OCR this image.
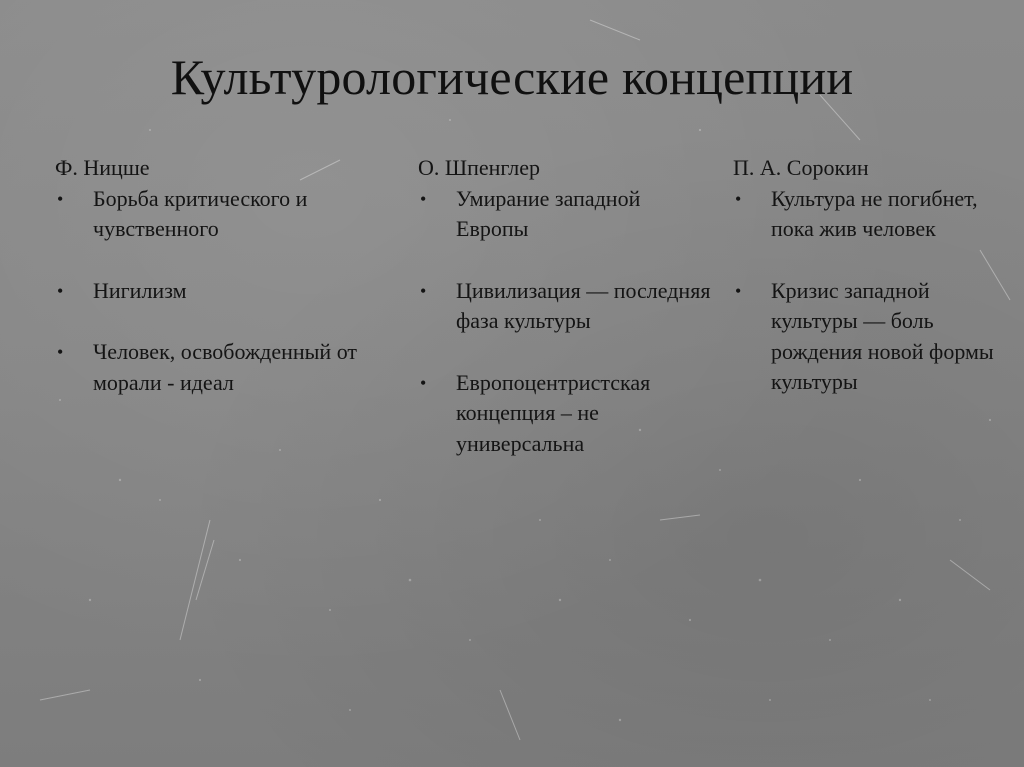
Культурологические концепции
Ф. Ницше
• Борьба критического и чувственного
• Нигилизм
• Человек, освобожденный от морали - идеал
О. Шпенглер
• Умирание западной Европы
• Цивилизация — последняя фаза культуры
• Европоцентристская концепция – не универсальна
П. А. Сорокин
• Культура не погибнет, пока жив человек
• Кризис западной культуры — боль рождения новой формы культуры
